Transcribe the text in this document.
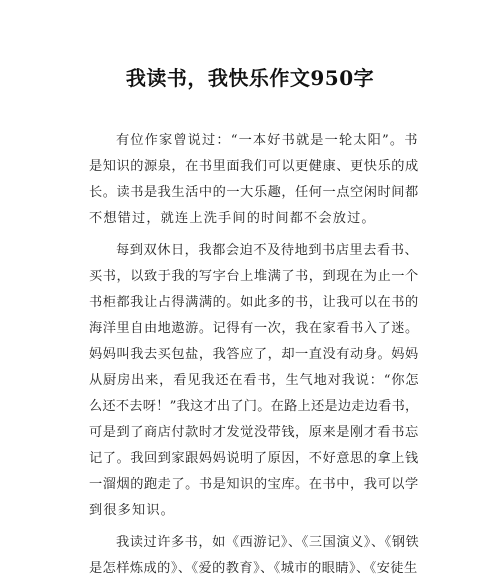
我读书，我快乐作文950字
有位作家曾说过：“一本好书就是一轮太阳”。书
是知识的源泉，在书里面我们可以更健康、更快乐的成
长。读书是我生活中的一大乐趣，任何一点空闲时间都
不想错过，就连上洗手间的时间都不会放过。
每到双休日，我都会迫不及待地到书店里去看书、
买书，以致于我的写字台上堆满了书，到现在为止一个
书柜都我让占得满满的。如此多的书，让我可以在书的
海洋里自由地遨游。记得有一次，我在家看书入了迷。
妈妈叫我去买包盐，我答应了，却一直没有动身。妈妈
从厨房出来，看见我还在看书，生气地对我说：“你怎
么还不去呀！”我这才出了门。在路上还是边走边看书，
可是到了商店付款时才发觉没带钱，原来是刚才看书忘
记了。我回到家跟妈妈说明了原因，不好意思的拿上钱
一溜烟的跑走了。书是知识的宝库。在书中，我可以学
到很多知识。
我读过许多书，如《西游记》、《三国演义》、《钢铁
是怎样炼成的》、《爱的教育》、《城市的眼睛》、《安徒生
